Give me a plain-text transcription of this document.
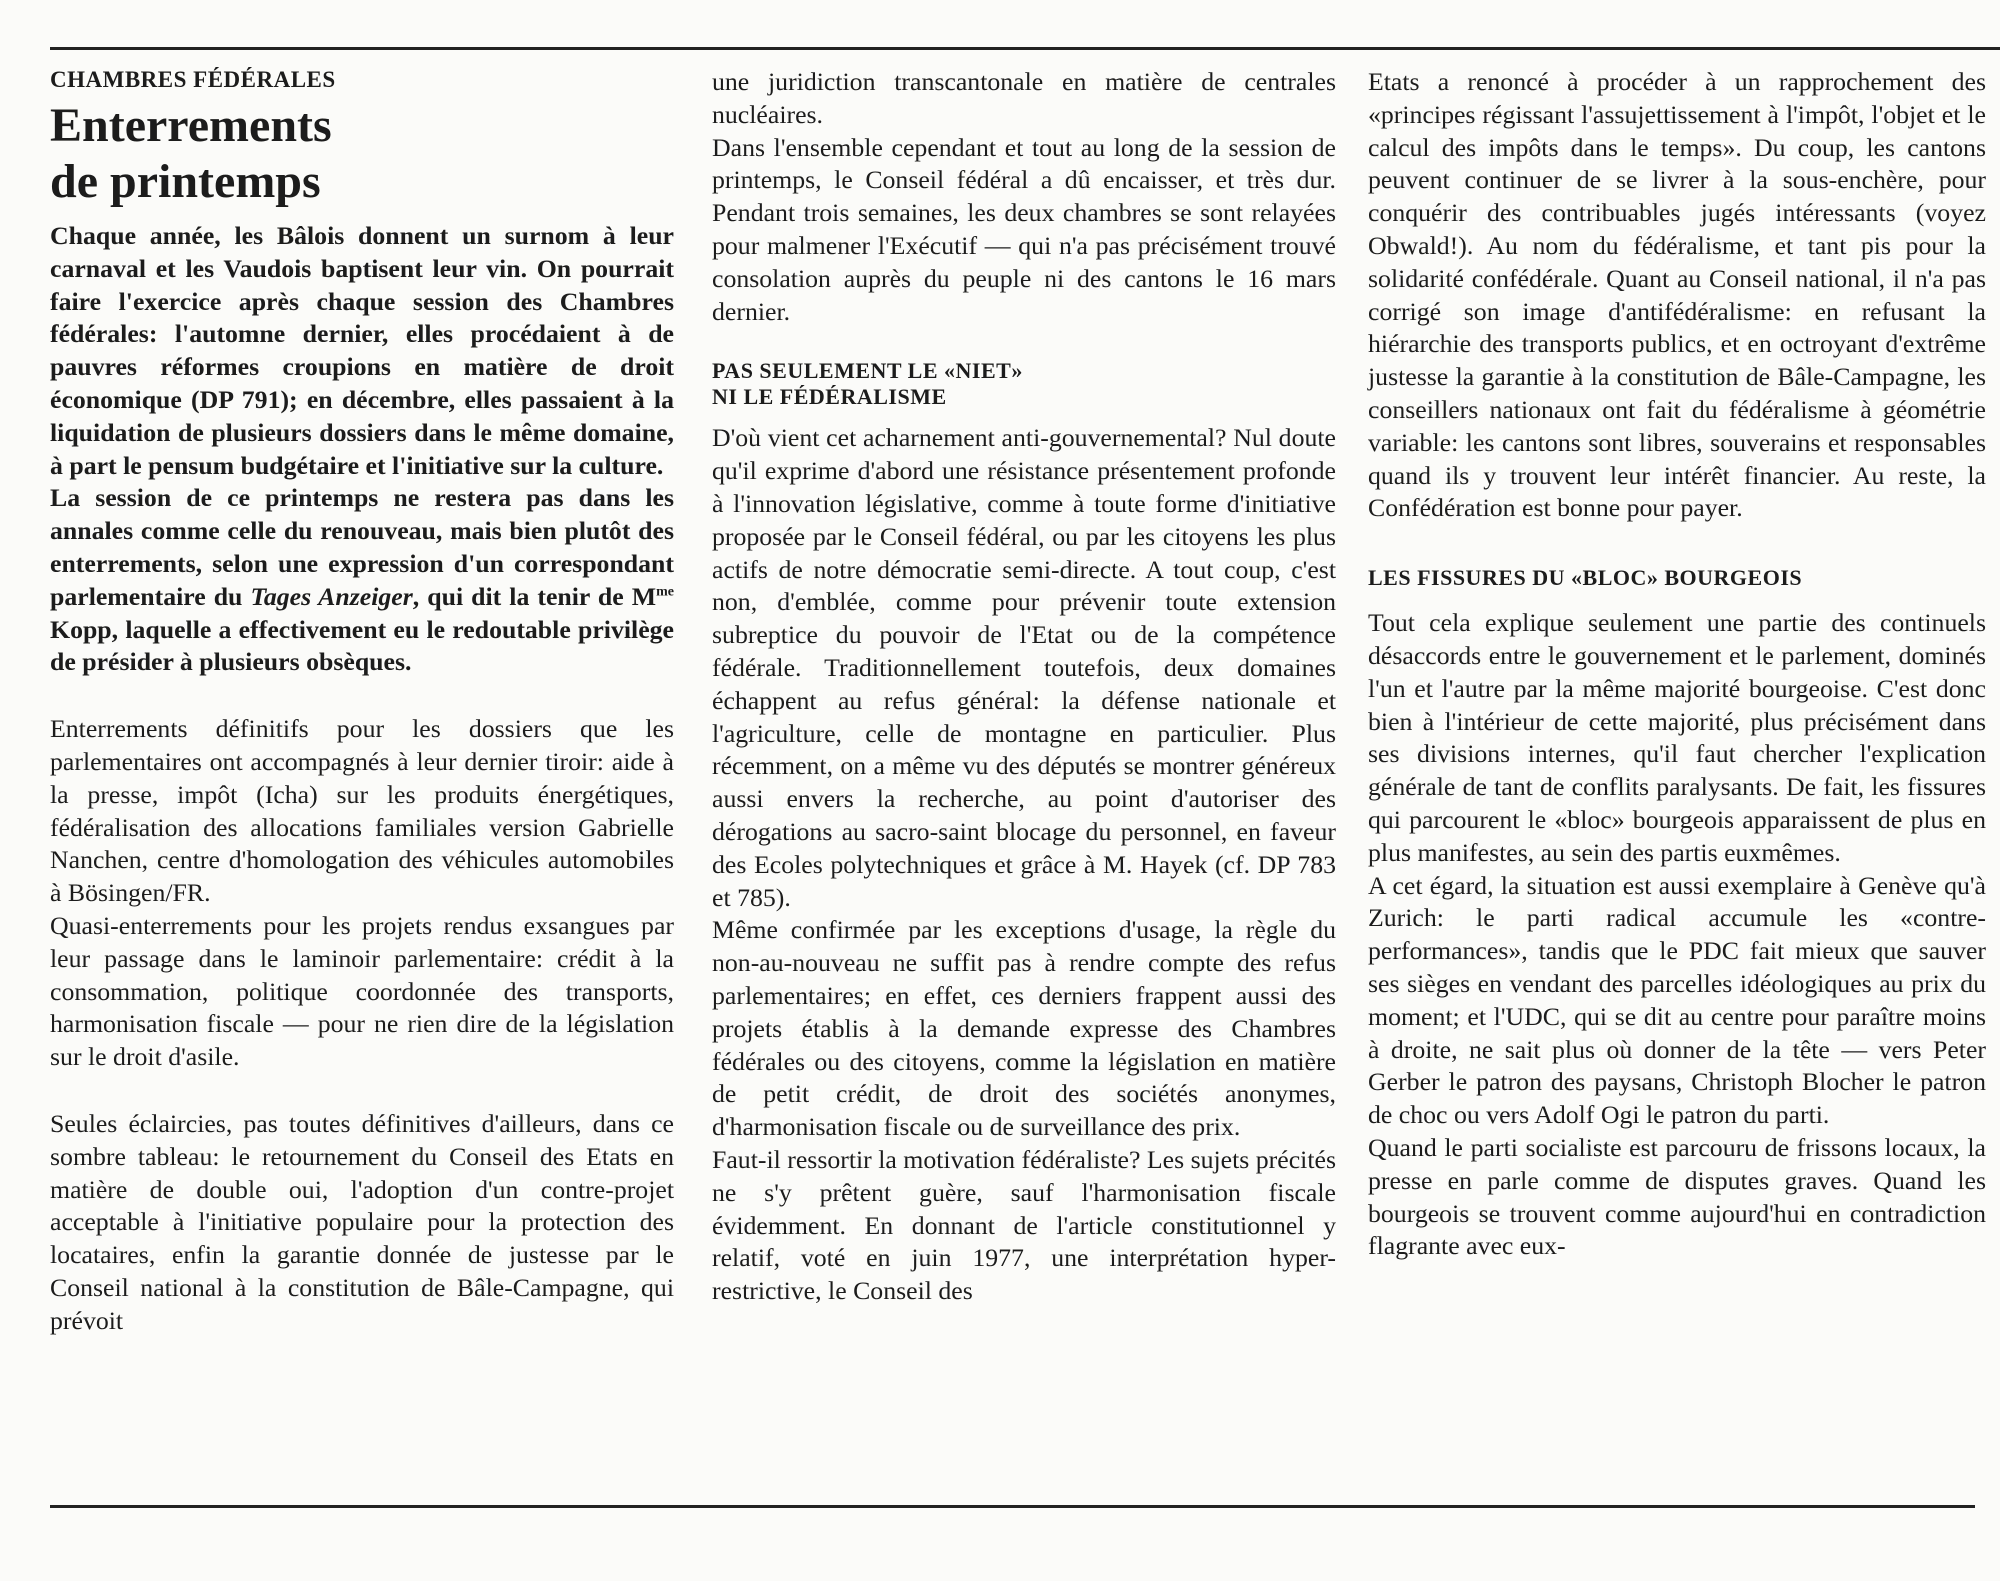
CHAMBRES FÉDÉRALES
Enterrements
de printemps

Chaque année, les Bâlois donnent un surnom à leur carnaval et les Vaudois baptisent leur vin. On pourrait faire l'exercice après chaque session des Chambres fédérales: l'automne dernier, elles procédaient à de pauvres réformes croupions en matière de droit économique (DP 791); en décembre, elles passaient à la liquidation de plusieurs dossiers dans le même domaine, à part le pensum budgétaire et l'initiative sur la culture.

La session de ce printemps ne restera pas dans les annales comme celle du renouveau, mais bien plutôt des enterrements, selon une expression d'un correspondant parlementaire du Tages Anzeiger, qui dit la tenir de $M^{me}$ Kopp, laquelle a effectivement eu le redoutable privilège de présider à plusieurs obsèques.

Enterrements définitifs pour les dossiers que les parlementaires ont accompagnés à leur dernier tiroir: aide à la presse, impôt (Icha) sur les produits énergétiques, fédéralisation des allocations familiales version Gabrielle Nanchen, centre d'homologation des véhicules automobiles à Bösingen/FR.

Quasi-enterrements pour les projets rendus exsangues par leur passage dans le laminoir parlementaire: crédit à la consommation, politique coordonnée des transports, harmonisation fiscale — pour ne rien dire de la législation sur le droit d'asile.

Seules éclaircies, pas toutes définitives d'ailleurs, dans ce sombre tableau: le retournement du Conseil des Etats en matière de double oui, l'adoption d'un contre-projet acceptable à l'initiative populaire pour la protection des locataires, enfin la garantie donnée de justesse par le Conseil national à la constitution de Bâle-Campagne, qui prévoit

une juridiction transcantonale en matière de centrales nucléaires.

Dans l'ensemble cependant et tout au long de la session de printemps, le Conseil fédéral a dû encaisser, et très dur. Pendant trois semaines, les deux chambres se sont relayées pour malmener l'Exécutif — qui n'a pas précisément trouvé consolation auprès du peuple ni des cantons le 16 mars dernier.

PAS SEULEMENT LE «NIET»
NI LE FÉDÉRALISME

D'où vient cet acharnement anti-gouvernemental? Nul doute qu'il exprime d'abord une résistance présentement profonde à l'innovation législative, comme à toute forme d'initiative proposée par le Conseil fédéral, ou par les citoyens les plus actifs de notre démocratie semi-directe. A tout coup, c'est non, d'emblée, comme pour prévenir toute extension subreptice du pouvoir de l'Etat ou de la compétence fédérale. Traditionnellement toutefois, deux domaines échappent au refus général: la défense nationale et l'agriculture, celle de montagne en particulier. Plus récemment, on a même vu des députés se montrer généreux aussi envers la recherche, au point d'autoriser des dérogations au sacro-saint blocage du personnel, en faveur des Ecoles polytechniques et grâce à M. Hayek (cf. DP 783 et 785).

Même confirmée par les exceptions d'usage, la règle du non-au-nouveau ne suffit pas à rendre compte des refus parlementaires; en effet, ces derniers frappent aussi des projets établis à la demande expresse des Chambres fédérales ou des citoyens, comme la législation en matière de petit crédit, de droit des sociétés anonymes, d'harmonisation fiscale ou de surveillance des prix.

Faut-il ressortir la motivation fédéraliste? Les sujets précités ne s'y prêtent guère, sauf l'harmonisation fiscale évidemment. En donnant de l'article constitutionnel y relatif, voté en juin 1977, une interprétation hyper-restrictive, le Conseil des

Etats a renoncé à procéder à un rapprochement des «principes régissant l'assujettissement à l'impôt, l'objet et le calcul des impôts dans le temps». Du coup, les cantons peuvent continuer de se livrer à la sous-enchère, pour conquérir des contribuables jugés intéressants (voyez Obwald!). Au nom du fédéralisme, et tant pis pour la solidarité confédérale. Quant au Conseil national, il n'a pas corrigé son image d'antifédéralisme: en refusant la hiérarchie des transports publics, et en octroyant d'extrême justesse la garantie à la constitution de Bâle-Campagne, les conseillers nationaux ont fait du fédéralisme à géométrie variable: les cantons sont libres, souverains et responsables quand ils y trouvent leur intérêt financier. Au reste, la Confédération est bonne pour payer.

LES FISSURES DU «BLOC» BOURGEOIS

Tout cela explique seulement une partie des continuels désaccords entre le gouvernement et le parlement, dominés l'un et l'autre par la même majorité bourgeoise. C'est donc bien à l'intérieur de cette majorité, plus précisément dans ses divisions internes, qu'il faut chercher l'explication générale de tant de conflits paralysants. De fait, les fissures qui parcourent le «bloc» bourgeois apparaissent de plus en plus manifestes, au sein des partis euxmêmes.

A cet égard, la situation est aussi exemplaire à Genève qu'à Zurich: le parti radical accumule les «contre-performances», tandis que le PDC fait mieux que sauver ses sièges en vendant des parcelles idéologiques au prix du moment; et l'UDC, qui se dit au centre pour paraître moins à droite, ne sait plus où donner de la tête — vers Peter Gerber le patron des paysans, Christoph Blocher le patron de choc ou vers Adolf Ogi le patron du parti.

Quand le parti socialiste est parcouru de frissons locaux, la presse en parle comme de disputes graves. Quand les bourgeois se trouvent comme aujourd'hui en contradiction flagrante avec eux-
